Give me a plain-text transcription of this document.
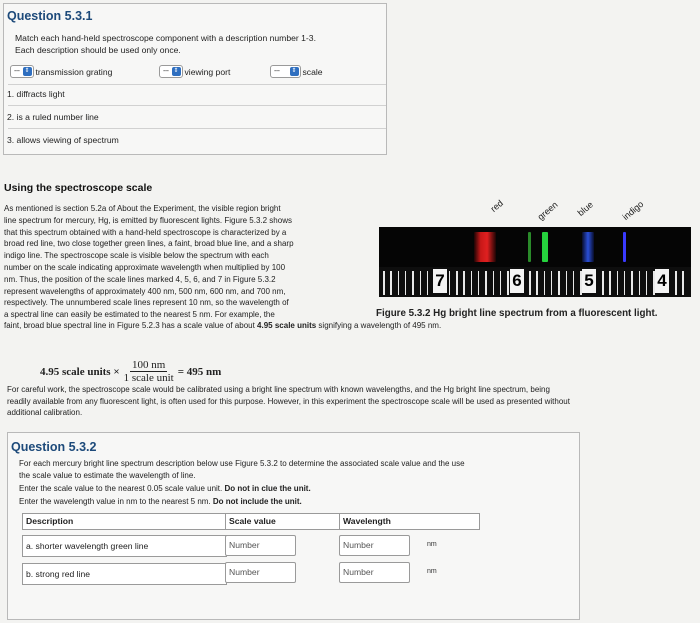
Question 5.3.1
Match each hand-held spectroscope component with a description number 1-3.
Each description should be used only once.
--- ⇕ transmission grating	--- ⇕ viewing port	---	⇕ scale
1. diffracts light
2. is a ruled number line
3. allows viewing of spectrum
Using the spectroscope scale
As mentioned is section 5.2a of About the Experiment, the visible region bright
line spectrum for mercury, Hg, is emitted by fluorescent lights. Figure 5.3.2 shows
that this spectrum obtained with a hand-held spectroscope is characterized by a
broad red line, two close together green lines, a faint, broad blue line, and a sharp
indigo line. The spectroscope scale is visible below the spectrum with each
number on the scale indicating approximate wavelength when multiplied by 100
nm. Thus, the position of the scale lines marked 4, 5, 6, and 7 in Figure 5.3.2
represent wavelengths of approximately 400 nm, 500 nm, 600 nm, and 700 nm,
respectively. The unnumbered scale lines represent 10 nm, so the wavelength of
a spectral line can easily be estimated to the nearest 5 nm. For example, the
faint, broad blue spectral line in Figure 5.2.3 has a scale value of about 4.95 scale units signifying a wavelength of 495 nm.
red	green blue	indigo
7	6	5	4
Figure 5.3.2 Hg bright line spectrum from a fluorescent light.
4.95 scale units × $\frac{100 nm}{\text{1 scale unit}} = 495$ nm
For careful work, the spectroscope scale would be calibrated using a bright line spectrum with known wavelengths, and the Hg bright line spectrum, being
readily available from any fluorescent light, is often used for this purpose. However, in this experiment the spectroscope scale will be used as presented without
additional calibration.
Question 5.3.2
For each mercury bright line spectrum description below use Figure 5.3.2 to determine the associated scale value and the use
the scale value to estimate the wavelength of line.
Enter the scale value to the nearest 0.05 scale value unit. Do not in clue the unit.
Enter the wavelength value in nm to the nearest 5 nm. Do not include the unit.
Description	Scale value	Wavelength
a. shorter wavelength green line	Number	Number	nm
b. strong red line	Number	Number	nm
